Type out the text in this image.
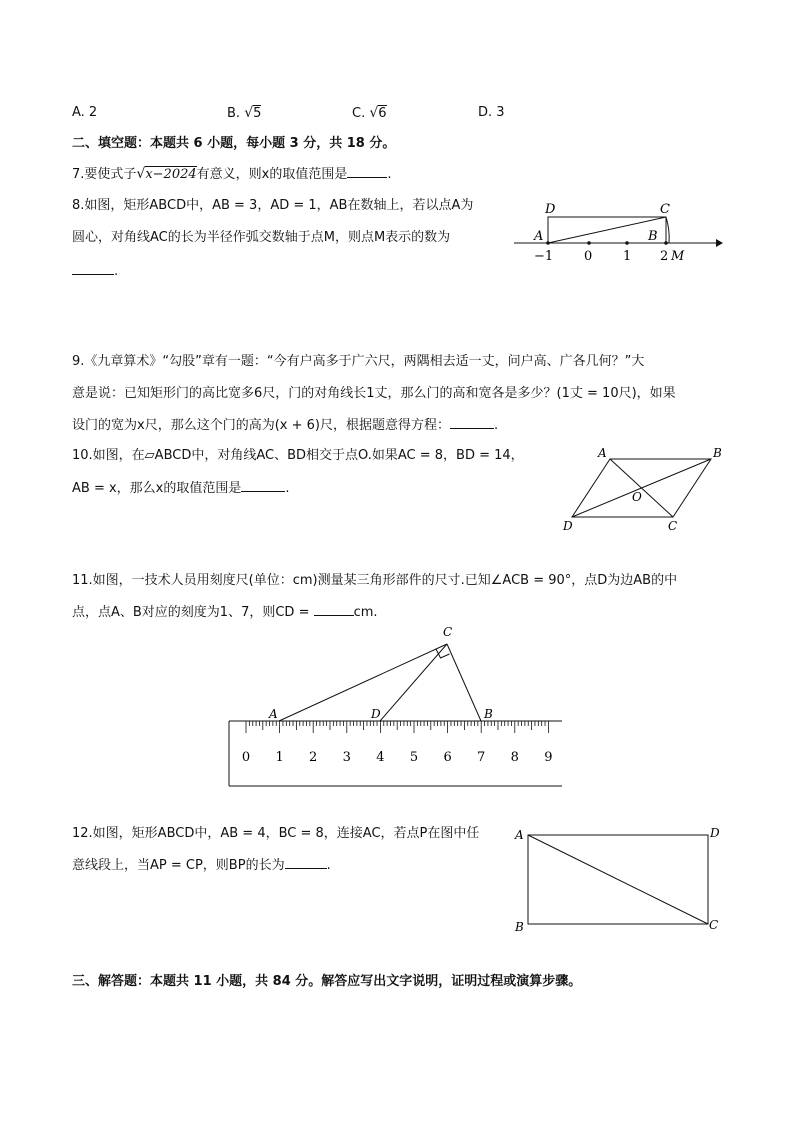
A. 2	B. √5	C. √6	D. 3
二、填空题：本题共 6 小题，每小题 3 分，共 18 分。
7.要使式子√x−2024有意义，则x的取值范围是	.
8.如图，矩形ABCD中，AB = 3，AD = 1，AB在数轴上，若以点A为
圆心，对角线AC的长为半径作弧交数轴于点M，则点M表示的数为
.
D	C
A	B
−1 0 1 2 M
9.《九章算术》“勾股”章有一题：“今有户高多于广六尺，两隅相去适一丈，问户高、广各几何？”大
意是说：已知矩形门的高比宽多6尺，门的对角线长1丈，那么门的高和宽各是多少？(1丈 = 10尺)，如果
设门的宽为x尺，那么这个门的高为(x + 6)尺，根据题意得方程：	.
10.如图，在▱ABCD中，对角线AC、BD相交于点O.如果AC = 8，BD = 14，
AB = x，那么x的取值范围是	.
A	B
C
D
O
11.如图，一技术人员用刻度尺(单位：cm)测量某三角形部件的尺寸.已知∠ACB = 90°，点D为边AB的中
点，点A、B对应的刻度为1、7，则CD =	cm.
0 1 2 3 4 5 6 7 8 9
A	D	B
C
12.如图，矩形ABCD中，AB = 4，BC = 8，连接AC，若点P在图中任
意线段上，当AP = CP，则BP的长为	.
A	D
B	C
三、解答题：本题共 11 小题，共 84 分。解答应写出文字说明，证明过程或演算步骤。
